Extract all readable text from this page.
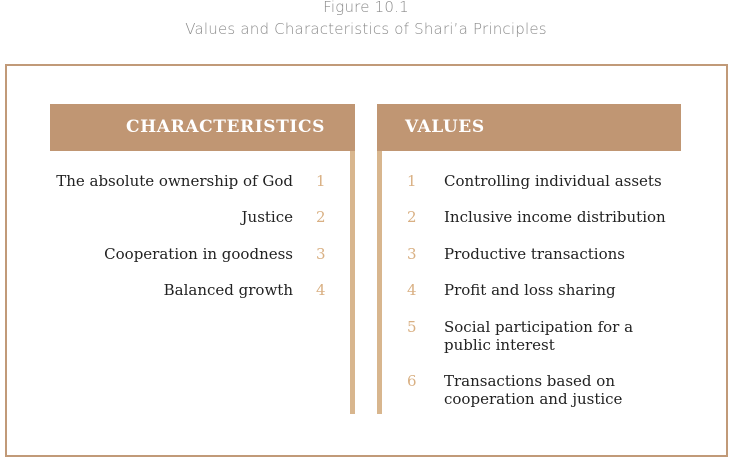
Figure 10.1
Values and Characteristics of Shari’a Principles
CHARACTERISTICS	VALUES
The absolute ownership of God 1
Justice 2
Cooperation in goodness 3
Balanced growth 4
1 Controlling individual assets
2 Inclusive income distribution
3 Productive transactions
4 Profit and loss sharing
5 Social participation for a public interest
6 Transactions based on cooperation and justice
